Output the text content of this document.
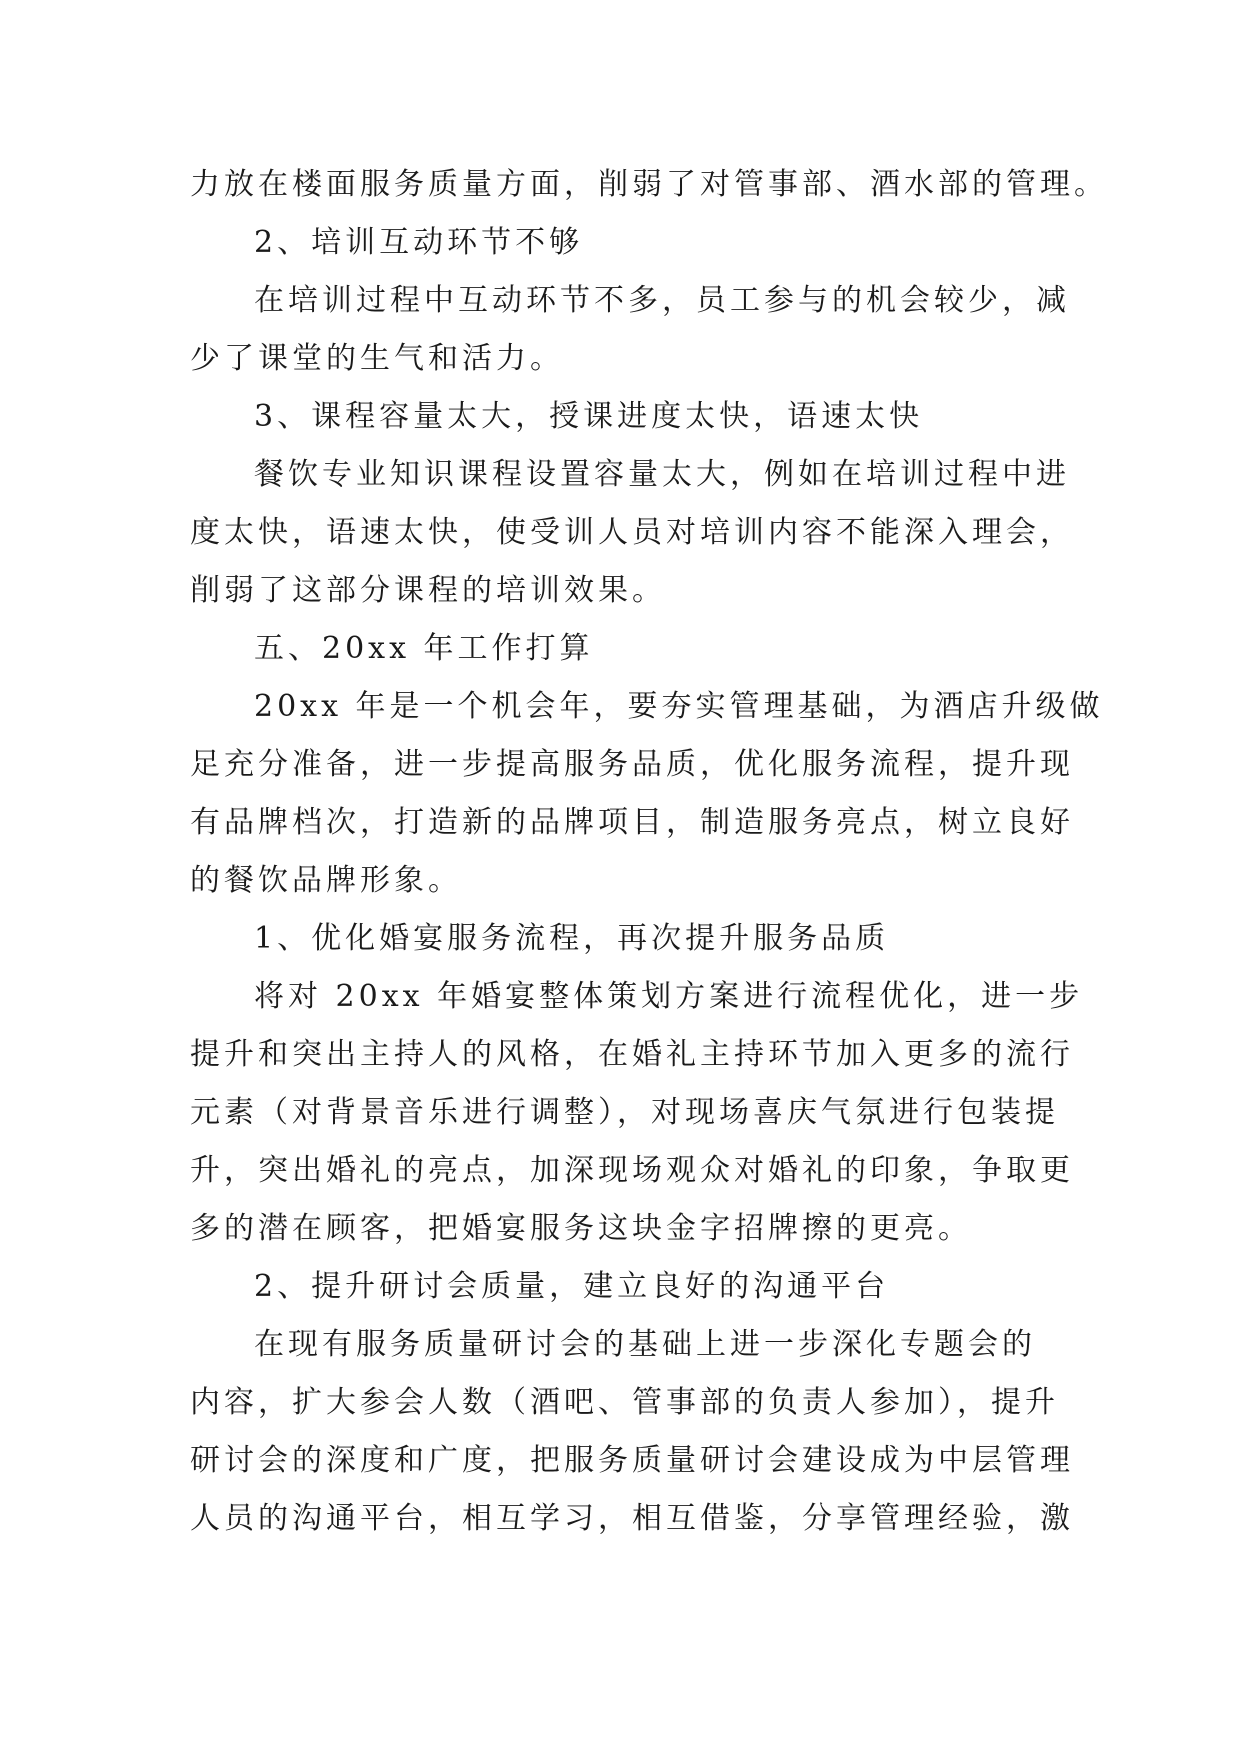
力放在楼面服务质量方面，削弱了对管事部、酒水部的管理。
2、培训互动环节不够
在培训过程中互动环节不多，员工参与的机会较少，减
少了课堂的生气和活力。
3、课程容量太大，授课进度太快，语速太快
餐饮专业知识课程设置容量太大，例如在培训过程中进
度太快，语速太快，使受训人员对培训内容不能深入理会，
削弱了这部分课程的培训效果。
五、20xx 年工作打算
20xx 年是一个机会年，要夯实管理基础，为酒店升级做
足充分准备，进一步提高服务品质，优化服务流程，提升现
有品牌档次，打造新的品牌项目，制造服务亮点，树立良好
的餐饮品牌形象。
1、优化婚宴服务流程，再次提升服务品质
将对 20xx 年婚宴整体策划方案进行流程优化，进一步
提升和突出主持人的风格，在婚礼主持环节加入更多的流行
元素（对背景音乐进行调整），对现场喜庆气氛进行包装提
升，突出婚礼的亮点，加深现场观众对婚礼的印象，争取更
多的潜在顾客，把婚宴服务这块金字招牌擦的更亮。
2、提升研讨会质量，建立良好的沟通平台
在现有服务质量研讨会的基础上进一步深化专题会的
内容，扩大参会人数（酒吧、管事部的负责人参加），提升
研讨会的深度和广度，把服务质量研讨会建设成为中层管理
人员的沟通平台，相互学习，相互借鉴，分享管理经验，激
